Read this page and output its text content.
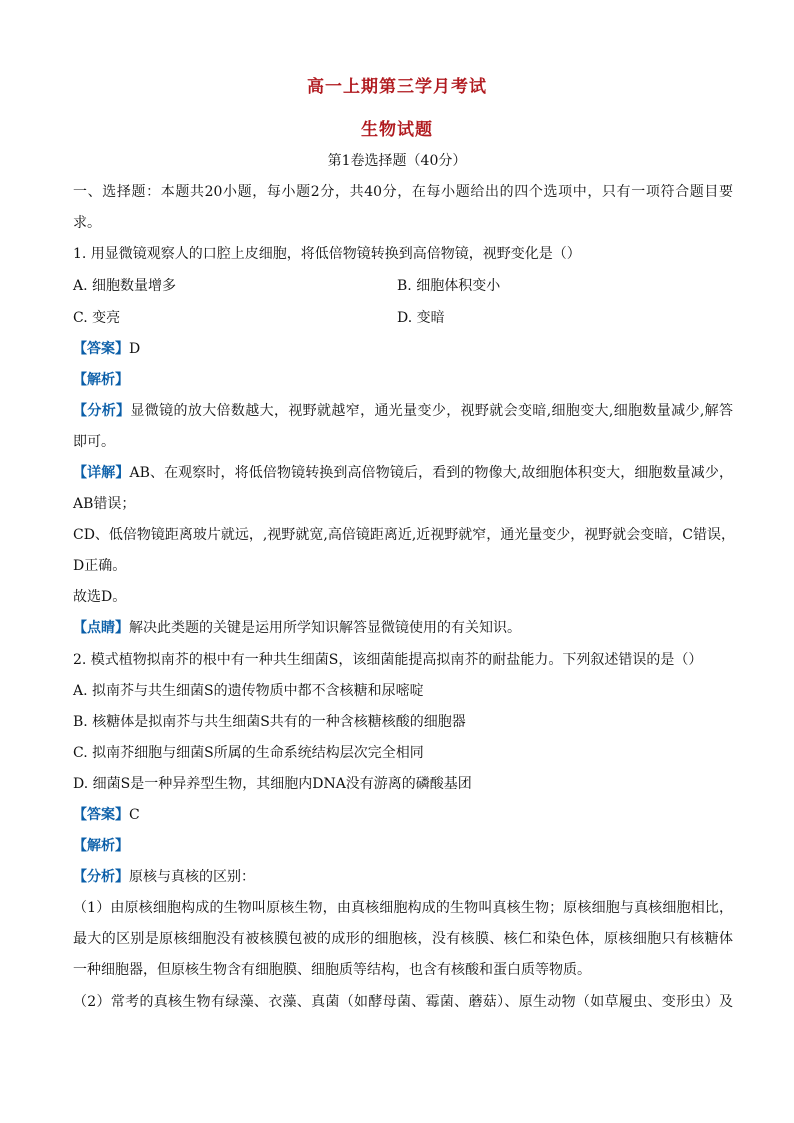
高一上期第三学月考试
生物试题
第1卷选择题（40分）
一、选择题：本题共20小题，每小题2分，共40分，在每小题给出的四个选项中，只有一项符合题目要
求。
1. 用显微镜观察人的口腔上皮细胞，将低倍物镜转换到高倍物镜，视野变化是（）
A. 细胞数量增多	B. 细胞体积变小
C. 变亮	D. 变暗
【答案】D
【解析】
【分析】显微镜的放大倍数越大，视野就越窄，通光量变少，视野就会变暗,细胞变大,细胞数量减少,解答
即可。
【详解】AB、在观察时，将低倍物镜转换到高倍物镜后，看到的物像大,故细胞体积变大，细胞数量减少，
AB错误；
CD、低倍物镜距离玻片就远，,视野就宽,高倍镜距离近,近视野就窄，通光量变少，视野就会变暗，C错误，
D正确。
故选D。
【点睛】解决此类题的关键是运用所学知识解答显微镜使用的有关知识。
2. 模式植物拟南芥的根中有一种共生细菌S，该细菌能提高拟南芥的耐盐能力。下列叙述错误的是（）
A. 拟南芥与共生细菌S的遗传物质中都不含核糖和尿嘧啶
B. 核糖体是拟南芥与共生细菌S共有的一种含核糖核酸的细胞器
C. 拟南芥细胞与细菌S所属的生命系统结构层次完全相同
D. 细菌S是一种异养型生物，其细胞内DNA没有游离的磷酸基团
【答案】C
【解析】
【分析】原核与真核的区别：
（1）由原核细胞构成的生物叫原核生物，由真核细胞构成的生物叫真核生物；原核细胞与真核细胞相比，
最大的区别是原核细胞没有被核膜包被的成形的细胞核，没有核膜、核仁和染色体，原核细胞只有核糖体
一种细胞器，但原核生物含有细胞膜、细胞质等结构，也含有核酸和蛋白质等物质。
（2）常考的真核生物有绿藻、衣藻、真菌（如酵母菌、霉菌、蘑菇）、原生动物（如草履虫、变形虫）及
